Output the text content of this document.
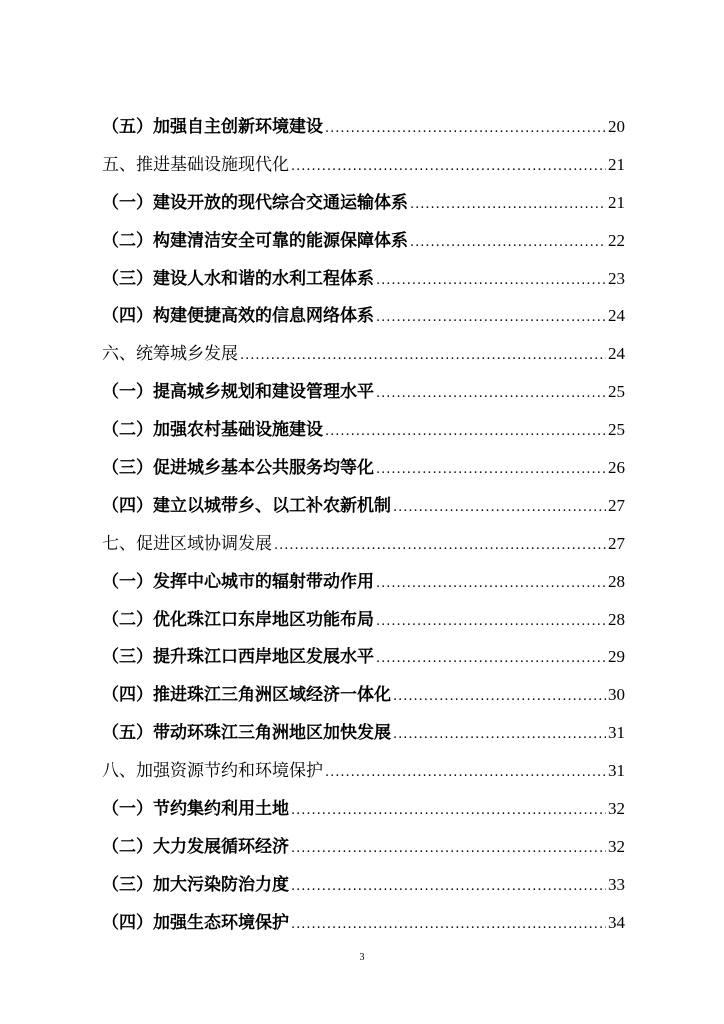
（五）加强自主创新环境建设 .....	20
五、推进基础设施现代化 .....	21
（一）建设开放的现代综合交通运输体系 .....	21
（二）构建清洁安全可靠的能源保障体系 .....	22
（三）建设人水和谐的水利工程体系 .....	23
（四）构建便捷高效的信息网络体系 .....	24
六、统筹城乡发展 .....	24
（一）提高城乡规划和建设管理水平 .....	25
（二）加强农村基础设施建设 .....	25
（三）促进城乡基本公共服务均等化 .....	26
（四）建立以城带乡、以工补农新机制 .....	27
七、促进区域协调发展 .....	27
（一）发挥中心城市的辐射带动作用 .....	28
（二）优化珠江口东岸地区功能布局 .....	28
（三）提升珠江口西岸地区发展水平 .....	29
（四）推进珠江三角洲区域经济一体化 .....	30
（五）带动环珠江三角洲地区加快发展 .....	31
八、加强资源节约和环境保护 .....	31
（一）节约集约利用土地 .....	32
（二）大力发展循环经济 .....	32
（三）加大污染防治力度 .....	33
（四）加强生态环境保护 .....	34
3
